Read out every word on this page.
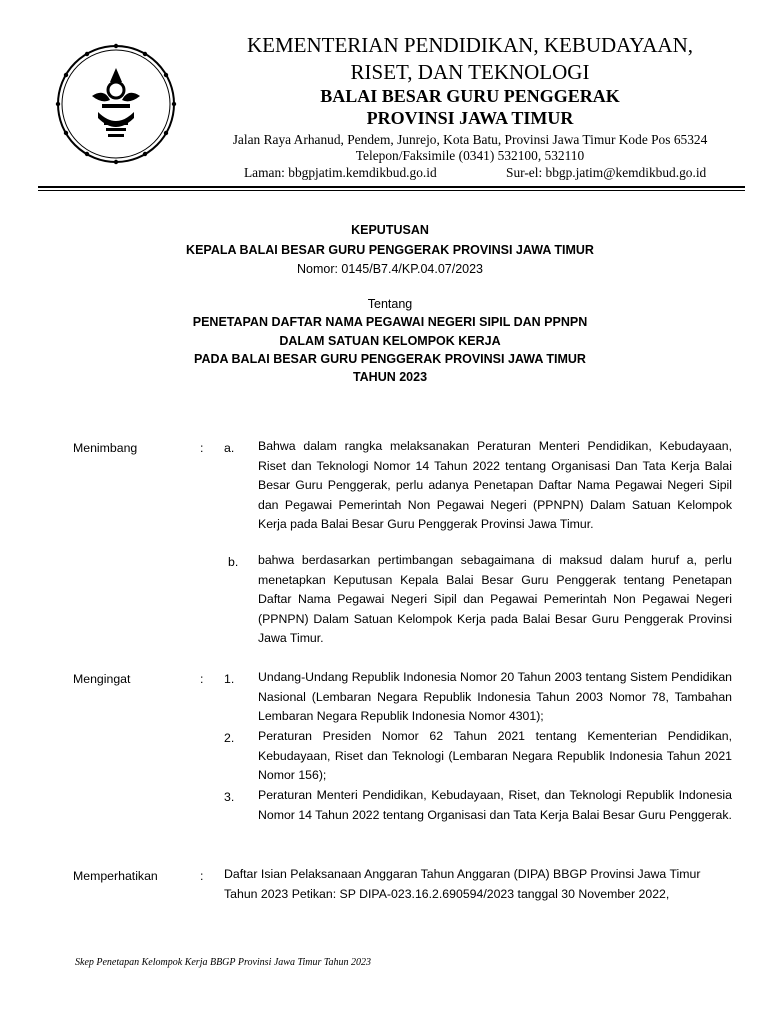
KEMENTERIAN PENDIDIKAN, KEBUDAYAAN,
RISET, DAN TEKNOLOGI
BALAI BESAR GURU PENGGERAK
PROVINSI JAWA TIMUR
Jalan Raya Arhanud, Pendem, Junrejo, Kota Batu, Provinsi Jawa Timur Kode Pos 65324
Telepon/Faksimile (0341) 532100, 532110
Laman: bbgpjatim.kemdikbud.go.id	Sur-el: bbgp.jatim@kemdikbud.go.id
KEPUTUSAN
KEPALA BALAI BESAR GURU PENGGERAK PROVINSI JAWA TIMUR
Nomor: 0145/B7.4/KP.04.07/2023
Tentang
PENETAPAN DAFTAR NAMA PEGAWAI NEGERI SIPIL DAN PPNPN
DALAM SATUAN KELOMPOK KERJA
PADA BALAI BESAR GURU PENGGERAK PROVINSI JAWA TIMUR
TAHUN 2023
Menimbang	: a. Bahwa dalam rangka melaksanakan Peraturan Menteri Pendidikan, Kebudayaan, Riset dan Teknologi Nomor 14 Tahun 2022 tentang Organisasi Dan Tata Kerja Balai Besar Guru Penggerak, perlu adanya Penetapan Daftar Nama Pegawai Negeri Sipil dan Pegawai Pemerintah Non Pegawai Negeri (PPNPN) Dalam Satuan Kelompok Kerja pada Balai Besar Guru Penggerak Provinsi Jawa Timur.
b. bahwa berdasarkan pertimbangan sebagaimana di maksud dalam huruf a, perlu menetapkan Keputusan Kepala Balai Besar Guru Penggerak tentang Penetapan Daftar Nama Pegawai Negeri Sipil dan Pegawai Pemerintah Non Pegawai Negeri (PPNPN) Dalam Satuan Kelompok Kerja pada Balai Besar Guru Penggerak Provinsi Jawa Timur.
Mengingat	: 1. Undang-Undang Republik Indonesia Nomor 20 Tahun 2003 tentang Sistem Pendidikan Nasional (Lembaran Negara Republik Indonesia Tahun 2003 Nomor 78, Tambahan Lembaran Negara Republik Indonesia Nomor 4301);
2. Peraturan Presiden Nomor 62 Tahun 2021 tentang Kementerian Pendidikan, Kebudayaan, Riset dan Teknologi (Lembaran Negara Republik Indonesia Tahun 2021 Nomor 156);
3. Peraturan Menteri Pendidikan, Kebudayaan, Riset, dan Teknologi Republik Indonesia Nomor 14 Tahun 2022 tentang Organisasi dan Tata Kerja Balai Besar Guru Penggerak.
Memperhatikan	: Daftar Isian Pelaksanaan Anggaran Tahun Anggaran (DIPA) BBGP Provinsi Jawa Timur Tahun 2023 Petikan: SP DIPA-023.16.2.690594/2023 tanggal 30 November 2022,
Skep Penetapan Kelompok Kerja BBGP Provinsi Jawa Timur Tahun 2023
